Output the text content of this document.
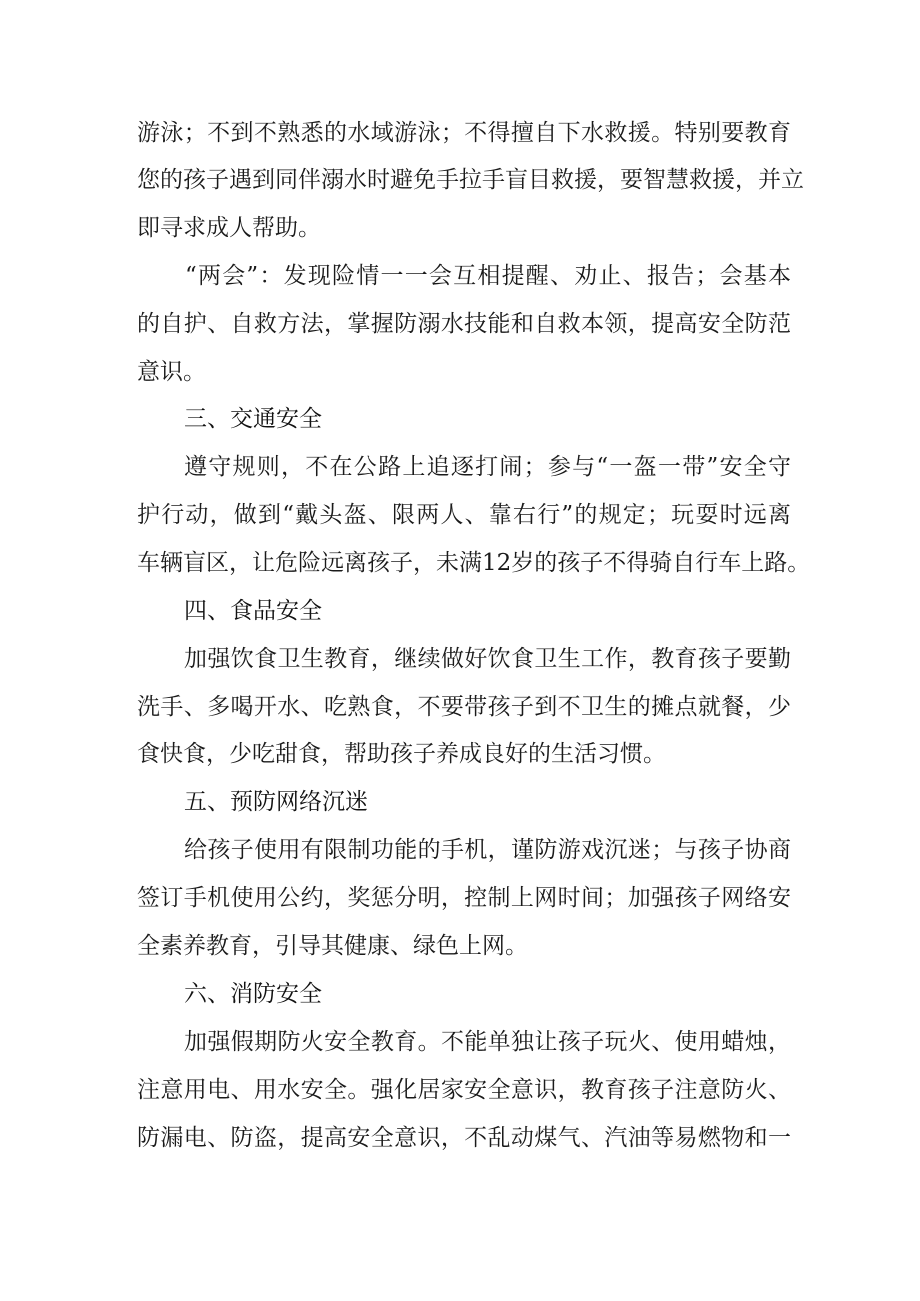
游泳；不到不熟悉的水域游泳；不得擅自下水救援。特别要教育
您的孩子遇到同伴溺水时避免手拉手盲目救援，要智慧救援，并立
即寻求成人帮助。
“两会”：发现险情一一会互相提醒、劝止、报告；会基本
的自护、自救方法，掌握防溺水技能和自救本领，提高安全防范
意识。
三、交通安全
遵守规则，不在公路上追逐打闹；参与“一盔一带”安全守
护行动，做到“戴头盔、限两人、靠右行”的规定；玩耍时远离
车辆盲区，让危险远离孩子，未满12岁的孩子不得骑自行车上路。
四、食品安全
加强饮食卫生教育，继续做好饮食卫生工作，教育孩子要勤
洗手、多喝开水、吃熟食，不要带孩子到不卫生的摊点就餐，少
食快食，少吃甜食，帮助孩子养成良好的生活习惯。
五、预防网络沉迷
给孩子使用有限制功能的手机，谨防游戏沉迷；与孩子协商
签订手机使用公约，奖惩分明，控制上网时间；加强孩子网络安
全素养教育，引导其健康、绿色上网。
六、消防安全
加强假期防火安全教育。不能单独让孩子玩火、使用蜡烛，
注意用电、用水安全。强化居家安全意识，教育孩子注意防火、
防漏电、防盗，提高安全意识，不乱动煤气、汽油等易燃物和一
